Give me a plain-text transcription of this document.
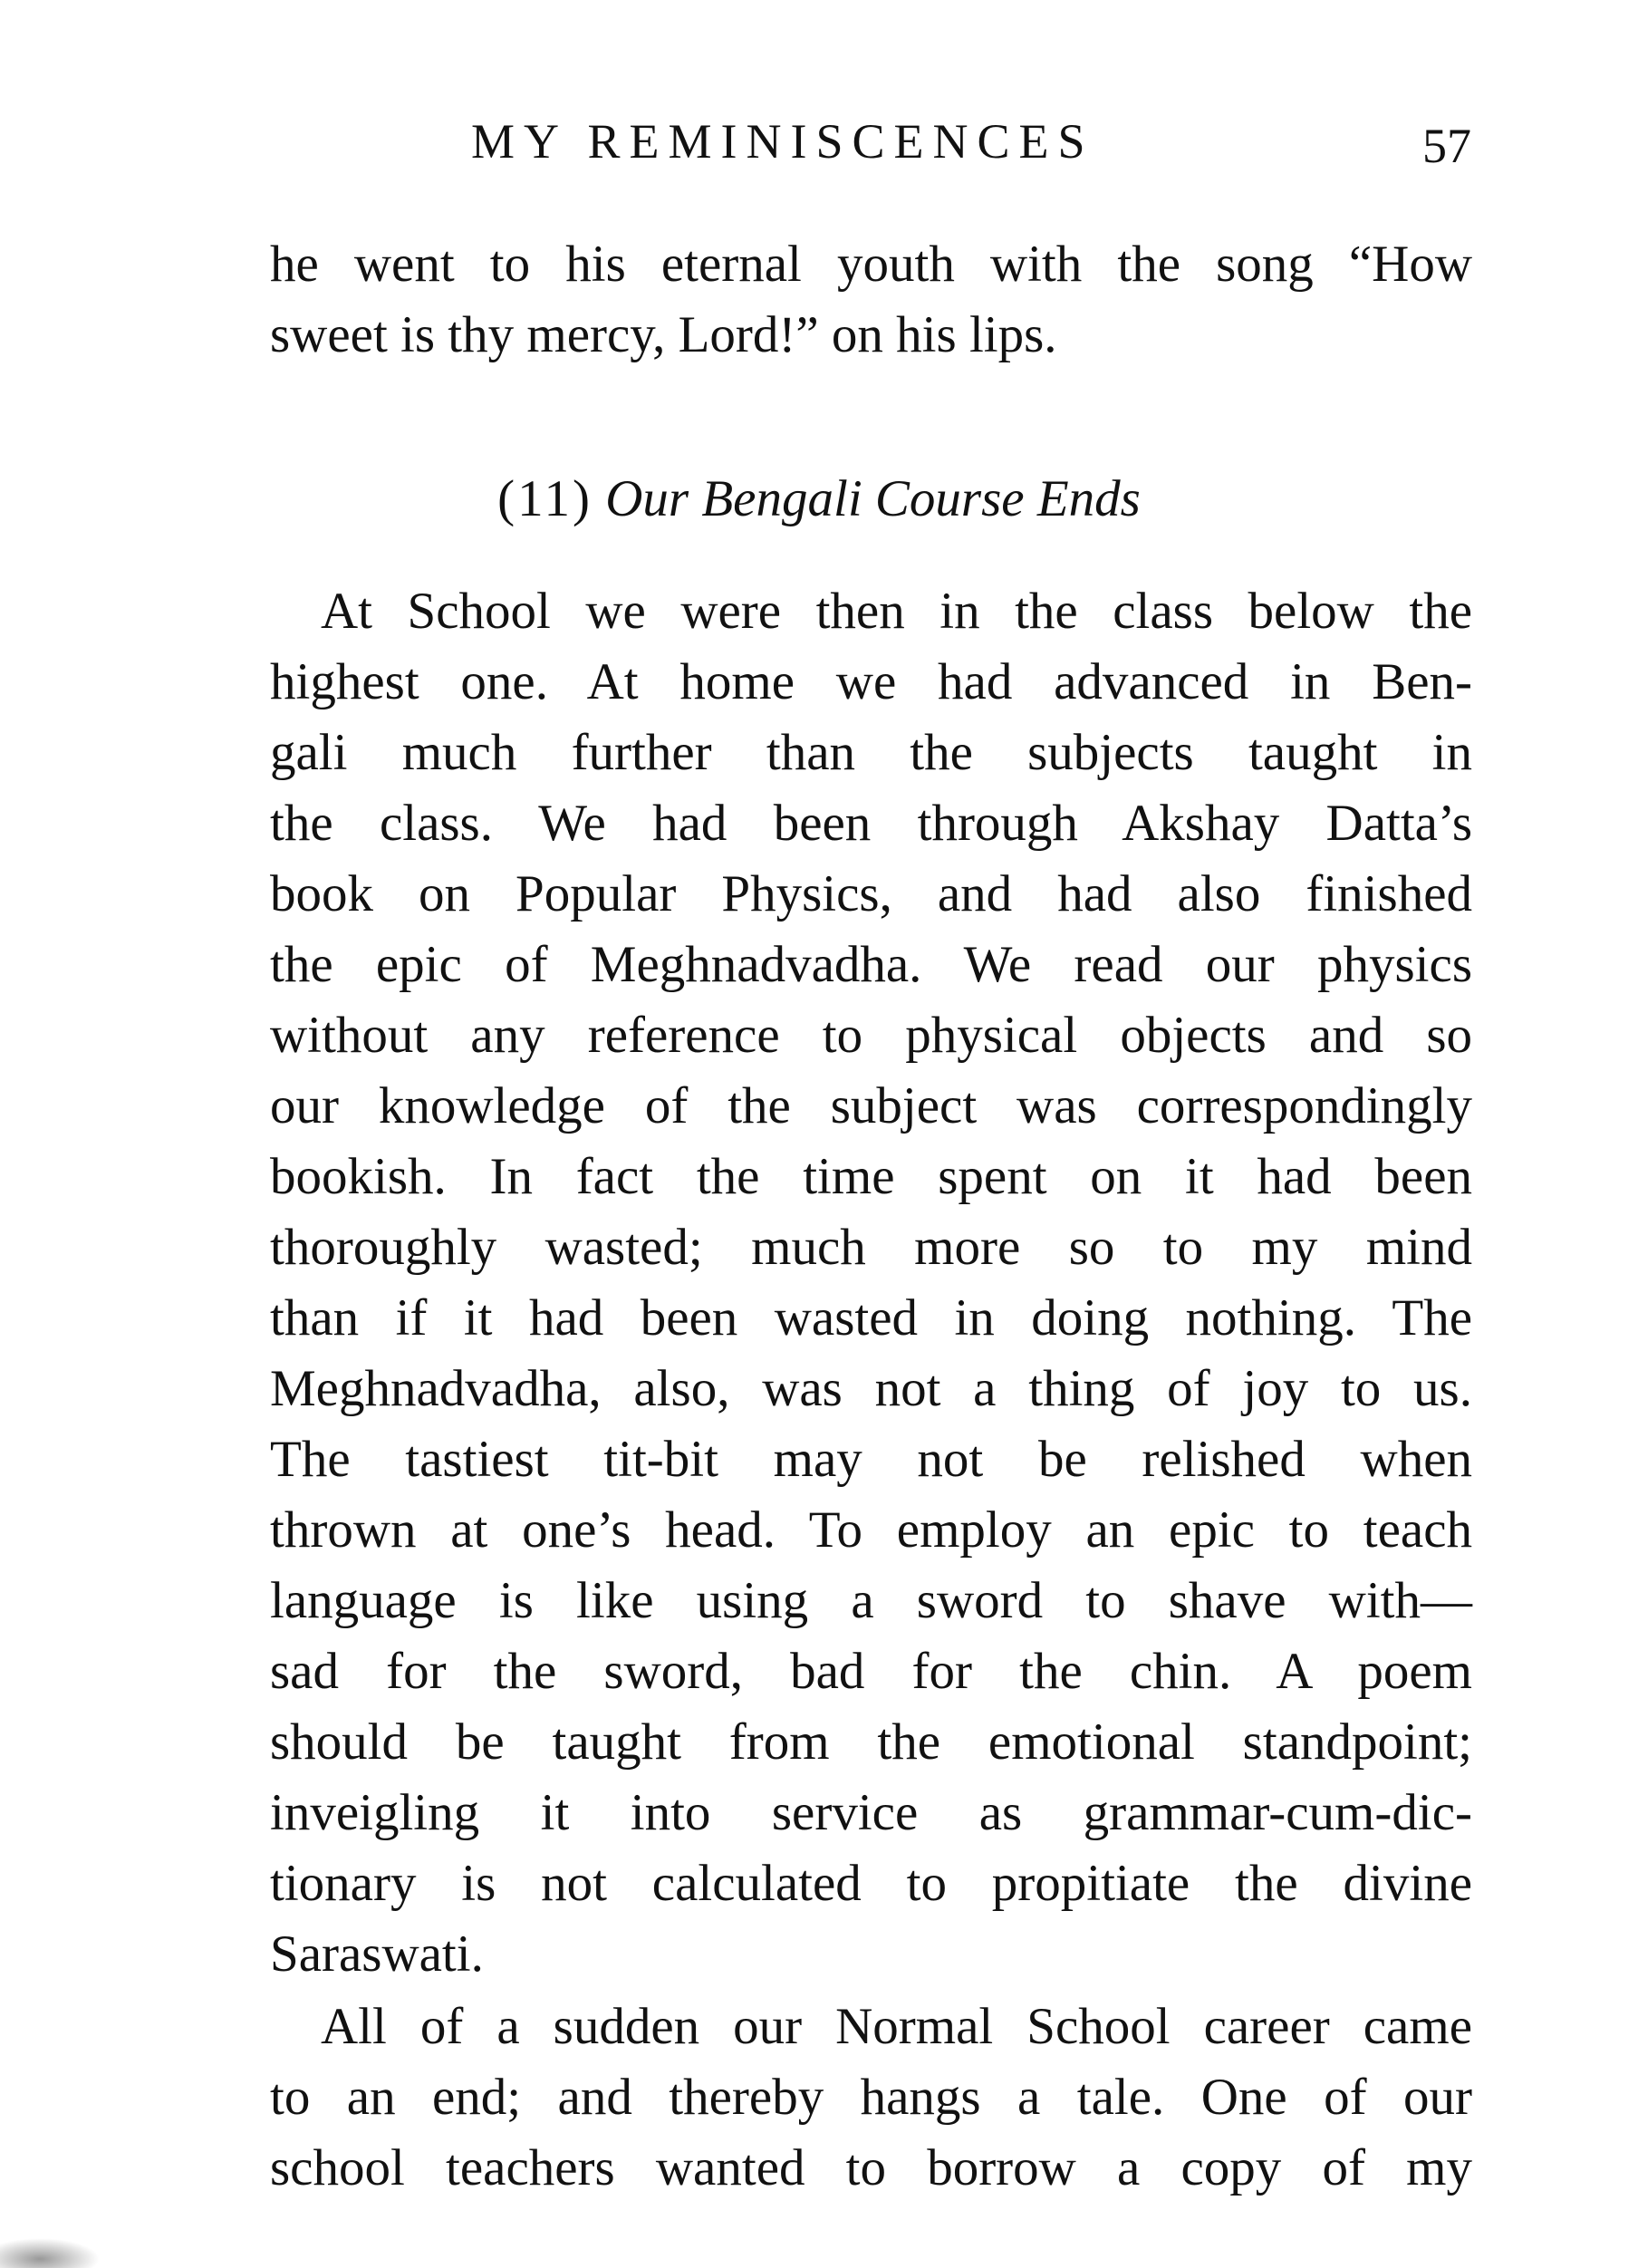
MY REMINISCENCES	57
(11) Our Bengali Course Ends
he went to his eternal youth with the song “How
sweet is thy mercy, Lord!” on his lips.
At School we were then in the class below the
highest one. At home we had advanced in Ben-
gali much further than the subjects taught in
the class. We had been through Akshay Datta’s
book on Popular Physics, and had also finished
the epic of Meghnadvadha. We read our physics
without any reference to physical objects and so
our knowledge of the subject was correspondingly
bookish. In fact the time spent on it had been
thoroughly wasted; much more so to my mind
than if it had been wasted in doing nothing. The
Meghnadvadha, also, was not a thing of joy to us.
The tastiest tit-bit may not be relished when
thrown at one’s head. To employ an epic to teach
language is like using a sword to shave with—
sad for the sword, bad for the chin. A poem
should be taught from the emotional standpoint;
inveigling it into service as grammar-cum-dic-
tionary is not calculated to propitiate the divine
Saraswati.
All of a sudden our Normal School career came
to an end; and thereby hangs a tale. One of our
school teachers wanted to borrow a copy of my
